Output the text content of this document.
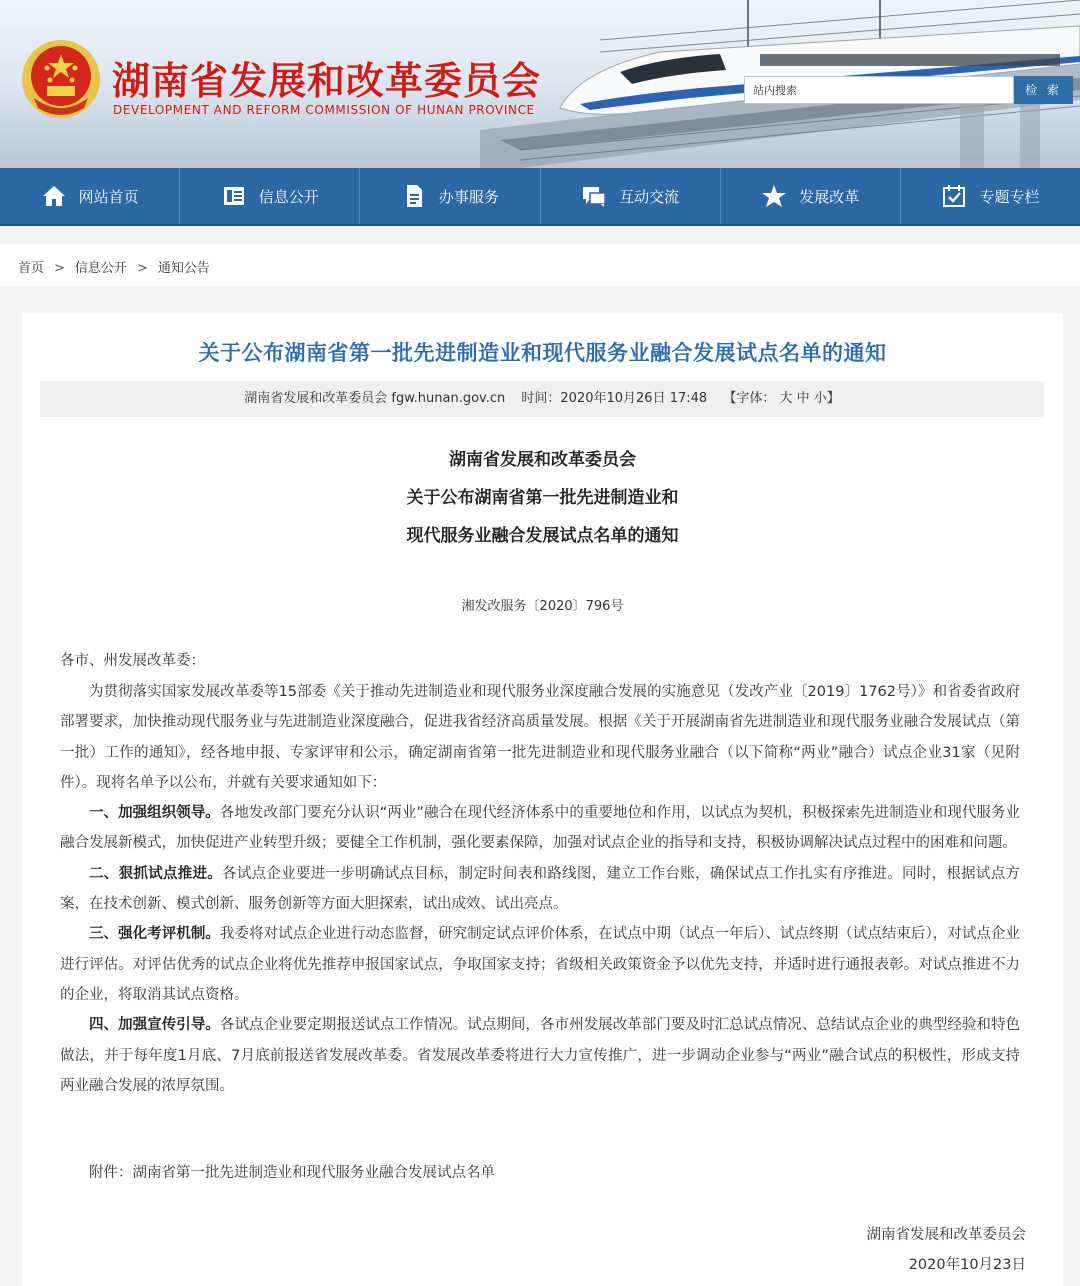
湖南省发展和改革委员会
DEVELOPMENT AND REFORM COMMISSION OF HUNAN PROVINCE
站内搜索	检 索
网站首页	信息公开	办事服务	互动交流	发展改革	专题专栏
首页 > 信息公开 > 通知公告
关于公布湖南省第一批先进制造业和现代服务业融合发展试点名单的通知
湖南省发展和改革委员会 fgw.hunan.gov.cn 时间：2020年10月26日 17:48 【字体： 大 中 小】
湖南省发展和改革委员会
关于公布湖南省第一批先进制造业和
现代服务业融合发展试点名单的通知
湘发改服务〔2020〕796号
各市、州发展改革委：

为贯彻落实国家发展改革委等15部委《关于推动先进制造业和现代服务业深度融合发展的实施意见（发改产业〔2019〕1762号）》和省委省政府部署要求，加快推动现代服务业与先进制造业深度融合，促进我省经济高质量发展。根据《关于开展湖南省先进制造业和现代服务业融合发展试点（第一批）工作的通知》，经各地申报、专家评审和公示，确定湖南省第一批先进制造业和现代服务业融合（以下简称“两业”融合）试点企业31家（见附件）。现将名单予以公布，并就有关要求通知如下：

一、加强组织领导。各地发改部门要充分认识“两业”融合在现代经济体系中的重要地位和作用，以试点为契机，积极探索先进制造业和现代服务业融合发展新模式，加快促进产业转型升级；要健全工作机制，强化要素保障，加强对试点企业的指导和支持，积极协调解决试点过程中的困难和问题。

二、狠抓试点推进。各试点企业要进一步明确试点目标，制定时间表和路线图，建立工作台账，确保试点工作扎实有序推进。同时，根据试点方案，在技术创新、模式创新、服务创新等方面大胆探索，试出成效、试出亮点。

三、强化考评机制。我委将对试点企业进行动态监督，研究制定试点评价体系，在试点中期（试点一年后）、试点终期（试点结束后），对试点企业进行评估。对评估优秀的试点企业将优先推荐申报国家试点，争取国家支持；省级相关政策资金予以优先支持，并适时进行通报表彰。对试点推进不力的企业，将取消其试点资格。

四、加强宣传引导。各试点企业要定期报送试点工作情况。试点期间，各市州发展改革部门要及时汇总试点情况、总结试点企业的典型经验和特色做法，并于每年度1月底、7月底前报送省发展改革委。省发展改革委将进行大力宣传推广，进一步调动企业参与“两业”融合试点的积极性，形成支持两业融合发展的浓厚氛围。

附件：湖南省第一批先进制造业和现代服务业融合发展试点名单
湖南省发展和改革委员会
2020年10月23日
